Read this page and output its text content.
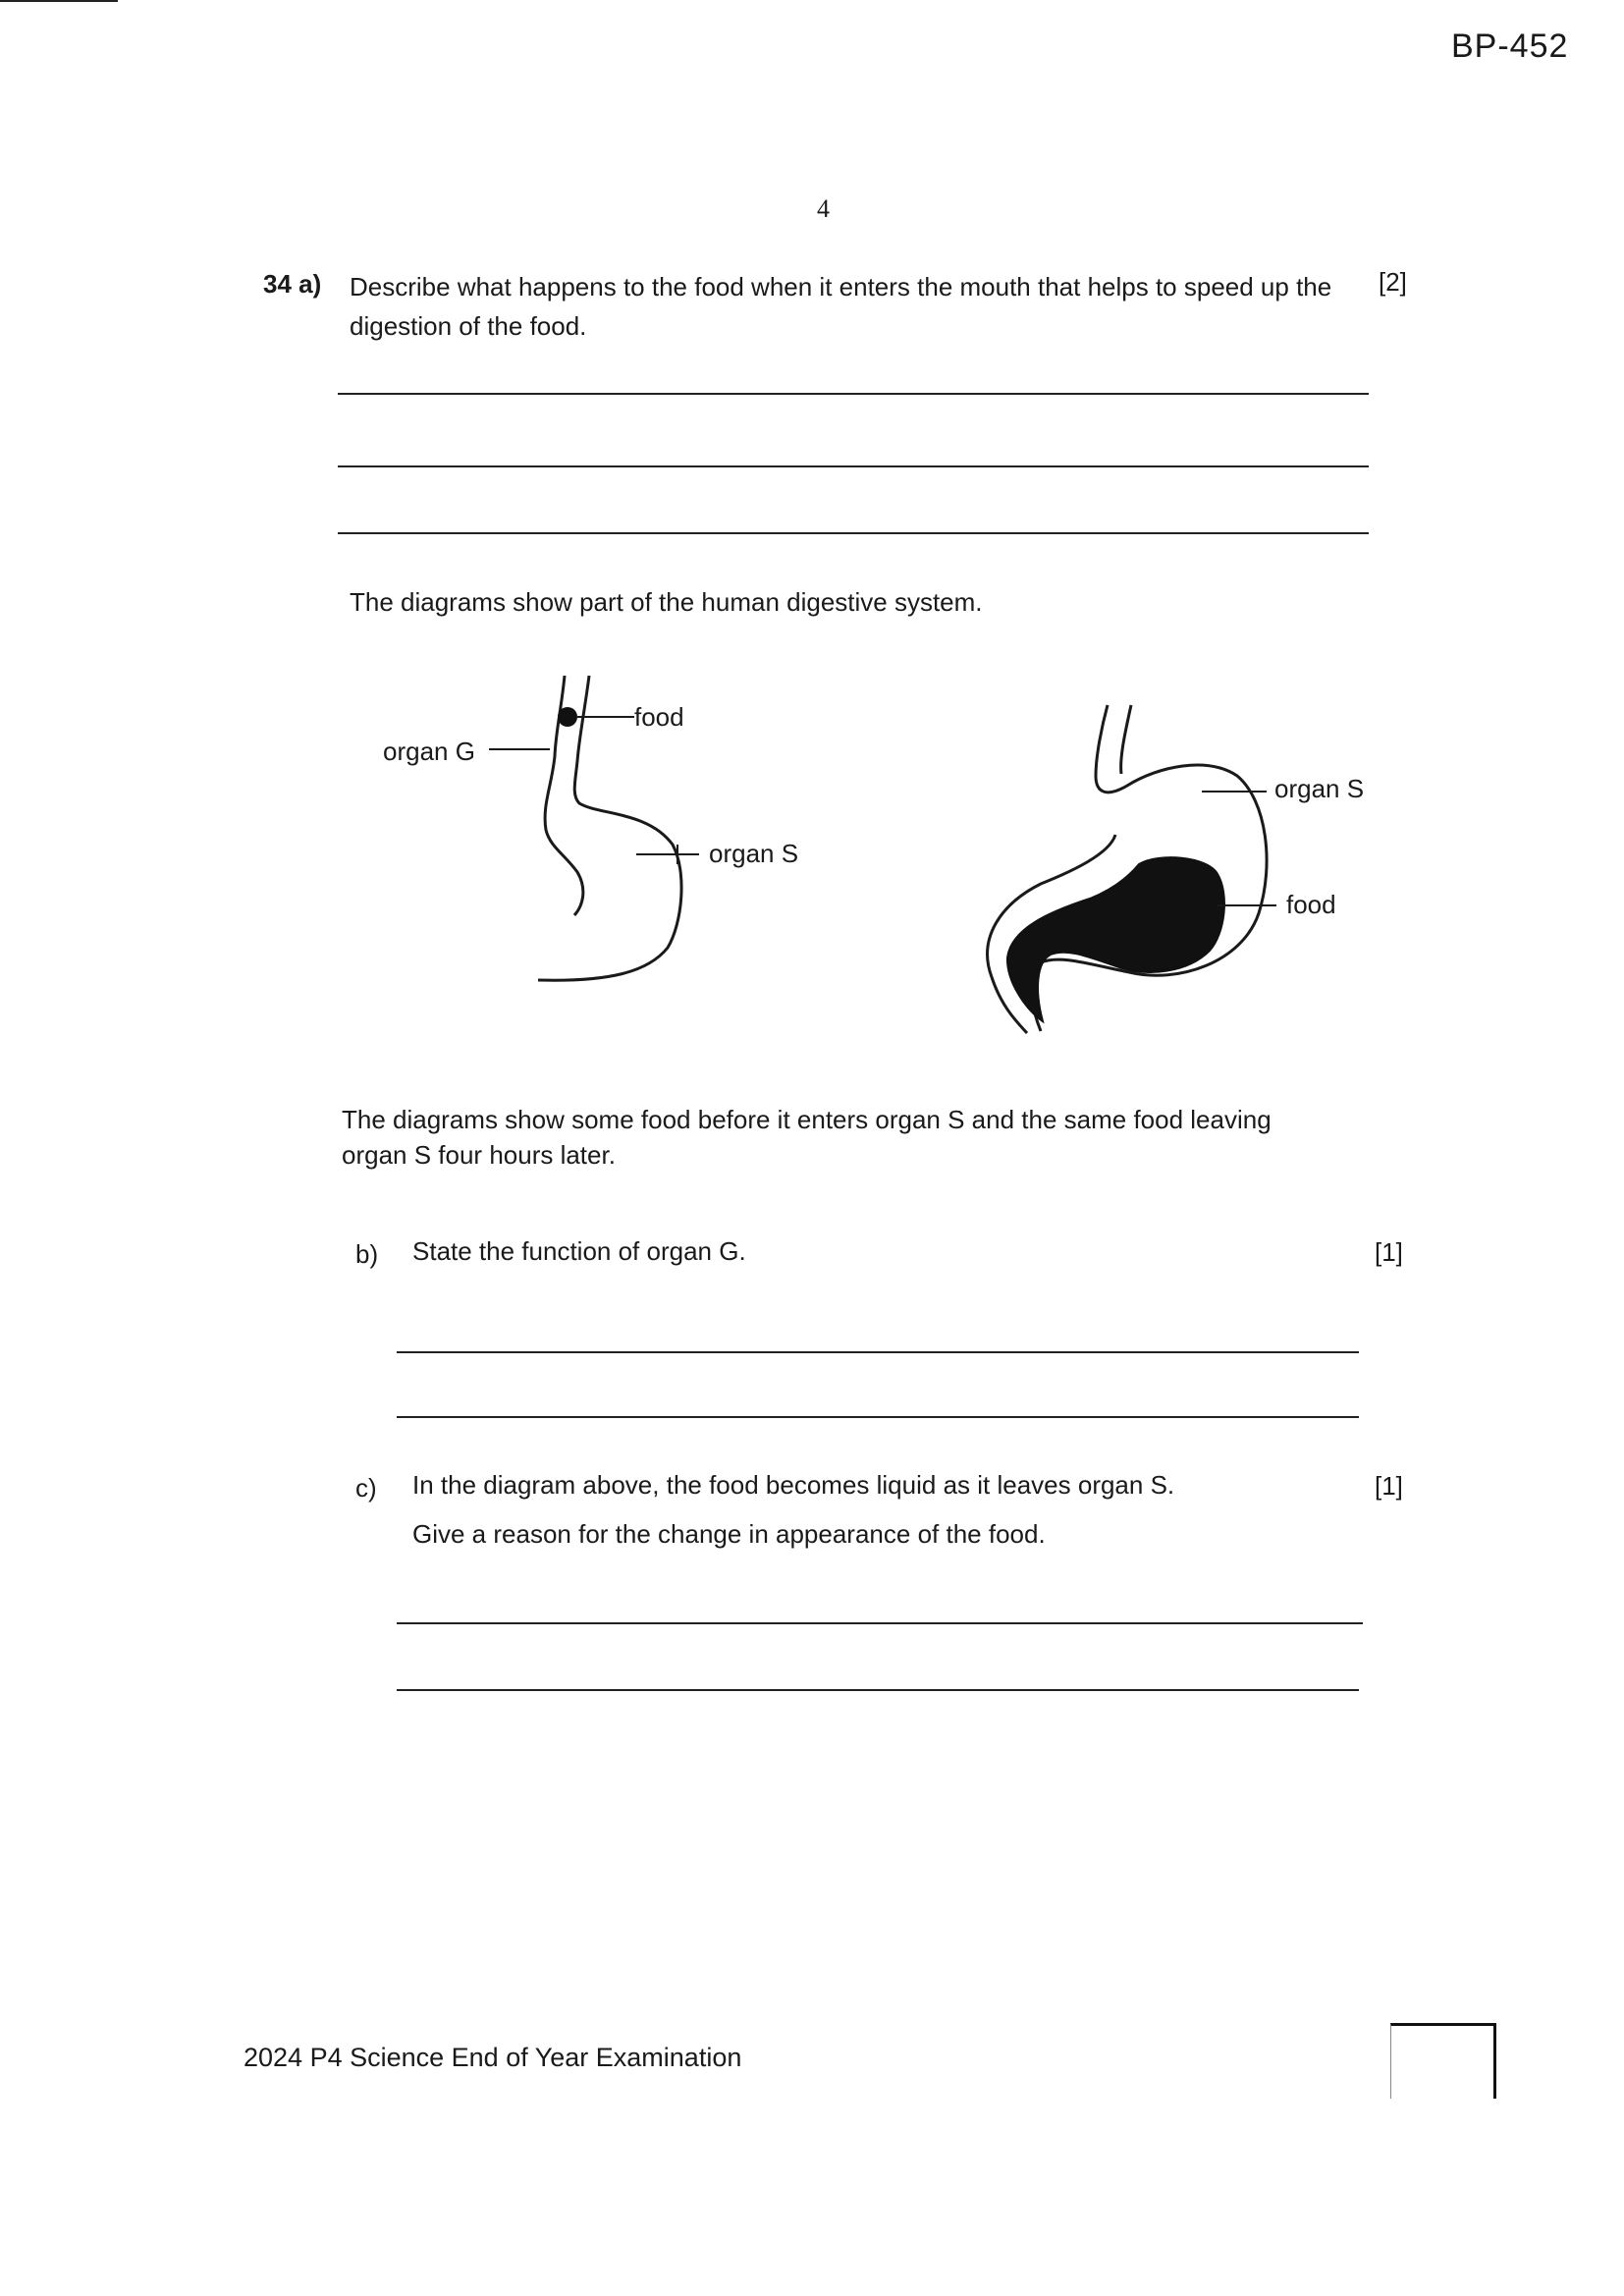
BP-452
4
34 a) Describe what happens to the food when it enters the mouth that helps to speed up the digestion of the food.
[2]
The diagrams show part of the human digestive system.
food
organ G
organ S
organ S
food
The diagrams show some food before it enters organ S and the same food leaving organ S four hours later.
b) State the function of organ G.	[1]
c) In the diagram above, the food becomes liquid as it leaves organ S.
Give a reason for the change in appearance of the food.
[1]
2024 P4 Science End of Year Examination
